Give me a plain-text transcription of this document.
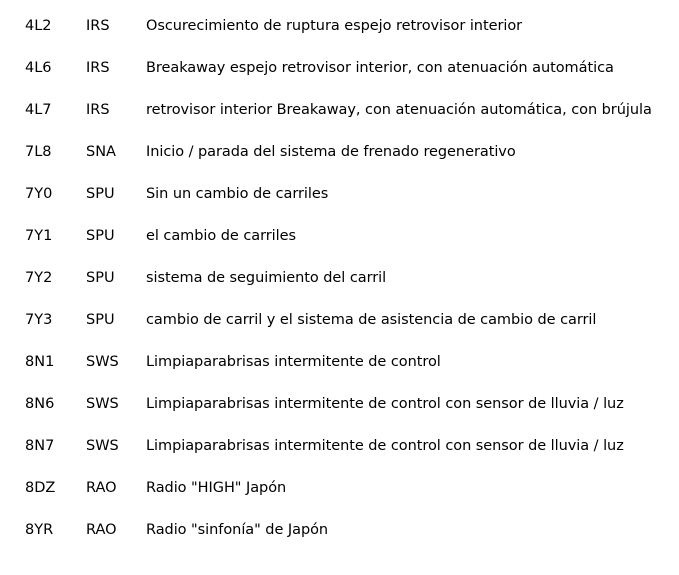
4L2 IRS	Oscurecimiento de ruptura espejo retrovisor interior
4L6 IRS	Breakaway espejo retrovisor interior, con atenuación automática
4L7 IRS	retrovisor interior Breakaway, con atenuación automática, con brújula
7L8 SNA Inicio / parada del sistema de frenado regenerativo
7Y0 SPU Sin un cambio de carriles
7Y1 SPU el cambio de carriles
7Y2 SPU sistema de seguimiento del carril
7Y3 SPU cambio de carril y el sistema de asistencia de cambio de carril
8N1 SWS Limpiaparabrisas intermitente de control
8N6 SWS Limpiaparabrisas intermitente de control con sensor de lluvia / luz
8N7 SWS Limpiaparabrisas intermitente de control con sensor de lluvia / luz
8DZ RAO Radio "HIGH" Japón
8YR RAO Radio "sinfonía" de Japón
